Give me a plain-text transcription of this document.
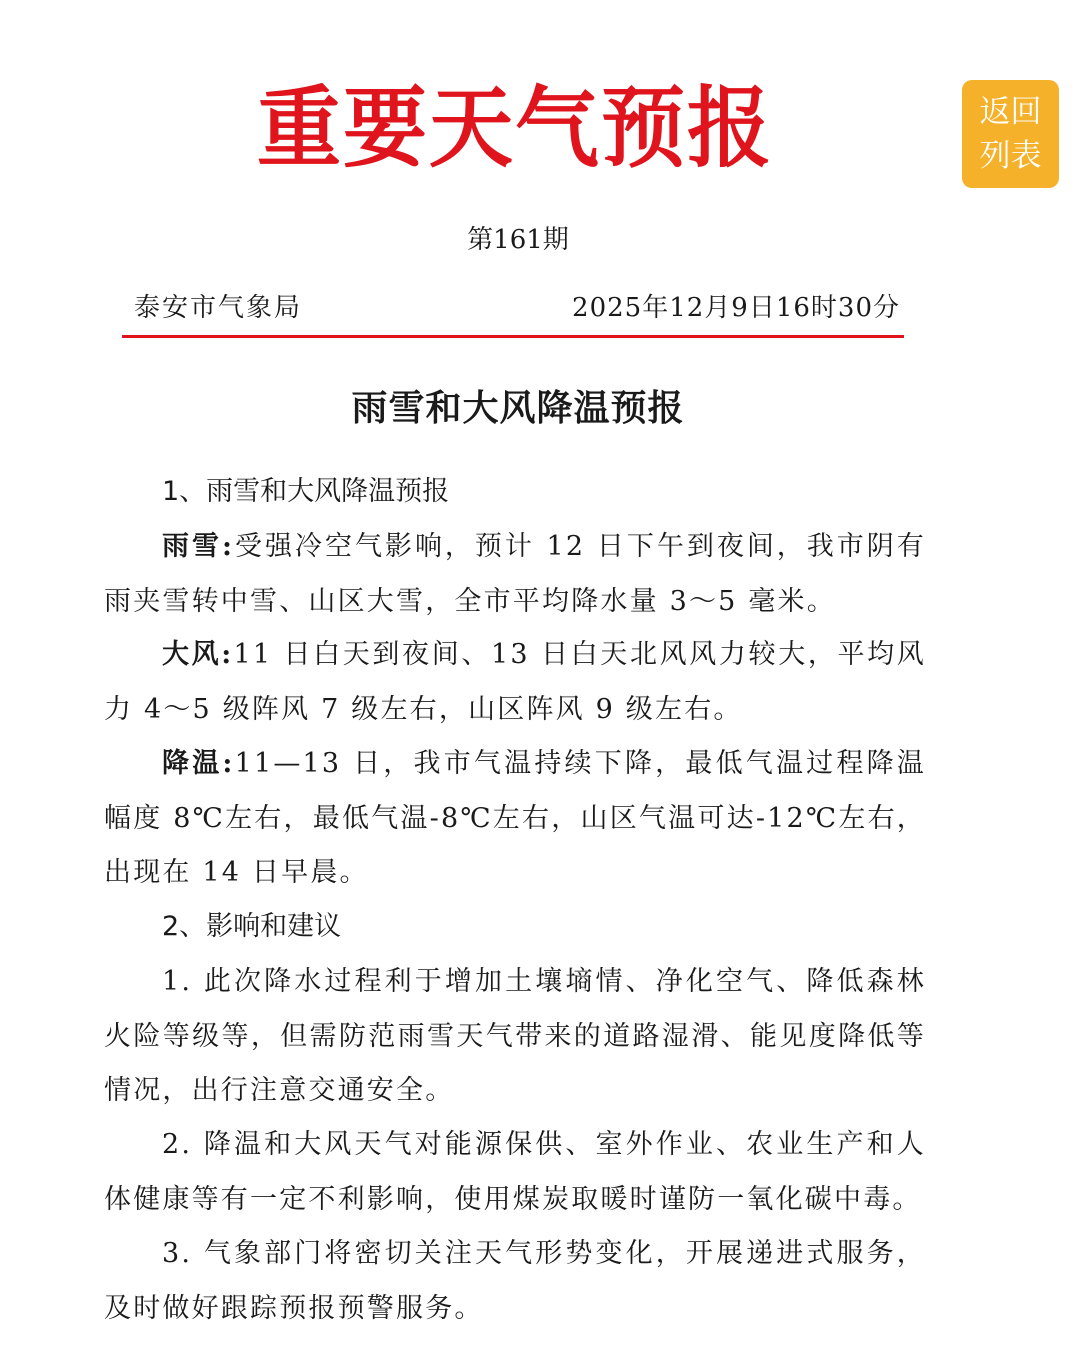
重要天气预报	返回
列表
第161期
泰安市气象局	2025年12月9日16时30分
雨雪和大风降温预报
1、雨雪和大风降温预报

雨雪:受强冷空气影响，预计 12 日下午到夜间，我市阴有雨夹雪转中雪、山区大雪，全市平均降水量 3～5 毫米。

大风:11 日白天到夜间、13 日白天北风风力较大，平均风力 4～5 级阵风 7 级左右，山区阵风 9 级左右。

降温:11—13 日，我市气温持续下降，最低气温过程降温幅度 8℃左右，最低气温-8℃左右，山区气温可达-12℃左右，出现在 14 日早晨。

2、影响和建议

1. 此次降水过程利于增加土壤墒情、净化空气、降低森林火险等级等，但需防范雨雪天气带来的道路湿滑、能见度降低等情况，出行注意交通安全。

2. 降温和大风天气对能源保供、室外作业、农业生产和人体健康等有一定不利影响，使用煤炭取暖时谨防一氧化碳中毒。

3. 气象部门将密切关注天气形势变化，开展递进式服务，及时做好跟踪预报预警服务。
